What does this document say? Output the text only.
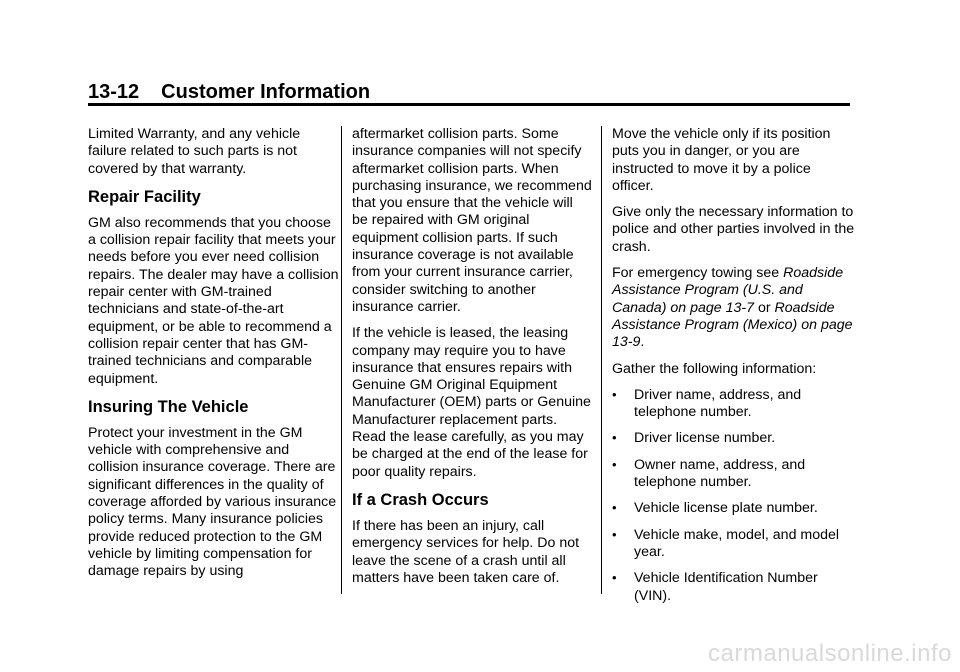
13-12 Customer Information

Limited Warranty, and any vehicle failure related to such parts is not covered by that warranty.

Repair Facility

GM also recommends that you choose a collision repair facility that meets your needs before you ever need collision repairs. The dealer may have a collision repair center with GM-trained technicians and state-of-the-art equipment, or be able to recommend a collision repair center that has GM-trained technicians and comparable equipment.

Insuring The Vehicle

Protect your investment in the GM vehicle with comprehensive and collision insurance coverage. There are significant differences in the quality of coverage afforded by various insurance policy terms. Many insurance policies provide reduced protection to the GM vehicle by limiting compensation for damage repairs by using

aftermarket collision parts. Some insurance companies will not specify aftermarket collision parts. When purchasing insurance, we recommend that you ensure that the vehicle will be repaired with GM original equipment collision parts. If such insurance coverage is not available from your current insurance carrier, consider switching to another insurance carrier.

If the vehicle is leased, the leasing company may require you to have insurance that ensures repairs with Genuine GM Original Equipment Manufacturer (OEM) parts or Genuine Manufacturer replacement parts. Read the lease carefully, as you may be charged at the end of the lease for poor quality repairs.

If a Crash Occurs

If there has been an injury, call emergency services for help. Do not leave the scene of a crash until all matters have been taken care of.

Move the vehicle only if its position puts you in danger, or you are instructed to move it by a police officer.

Give only the necessary information to police and other parties involved in the crash.

For emergency towing see Roadside Assistance Program (U.S. and Canada) on page 13-7 or Roadside Assistance Program (Mexico) on page 13-9.

Gather the following information:

• Driver name, address, and telephone number.
• Driver license number.
• Owner name, address, and telephone number.
• Vehicle license plate number.
• Vehicle make, model, and model year.
• Vehicle Identification Number (VIN).
carmanualsonline.info
